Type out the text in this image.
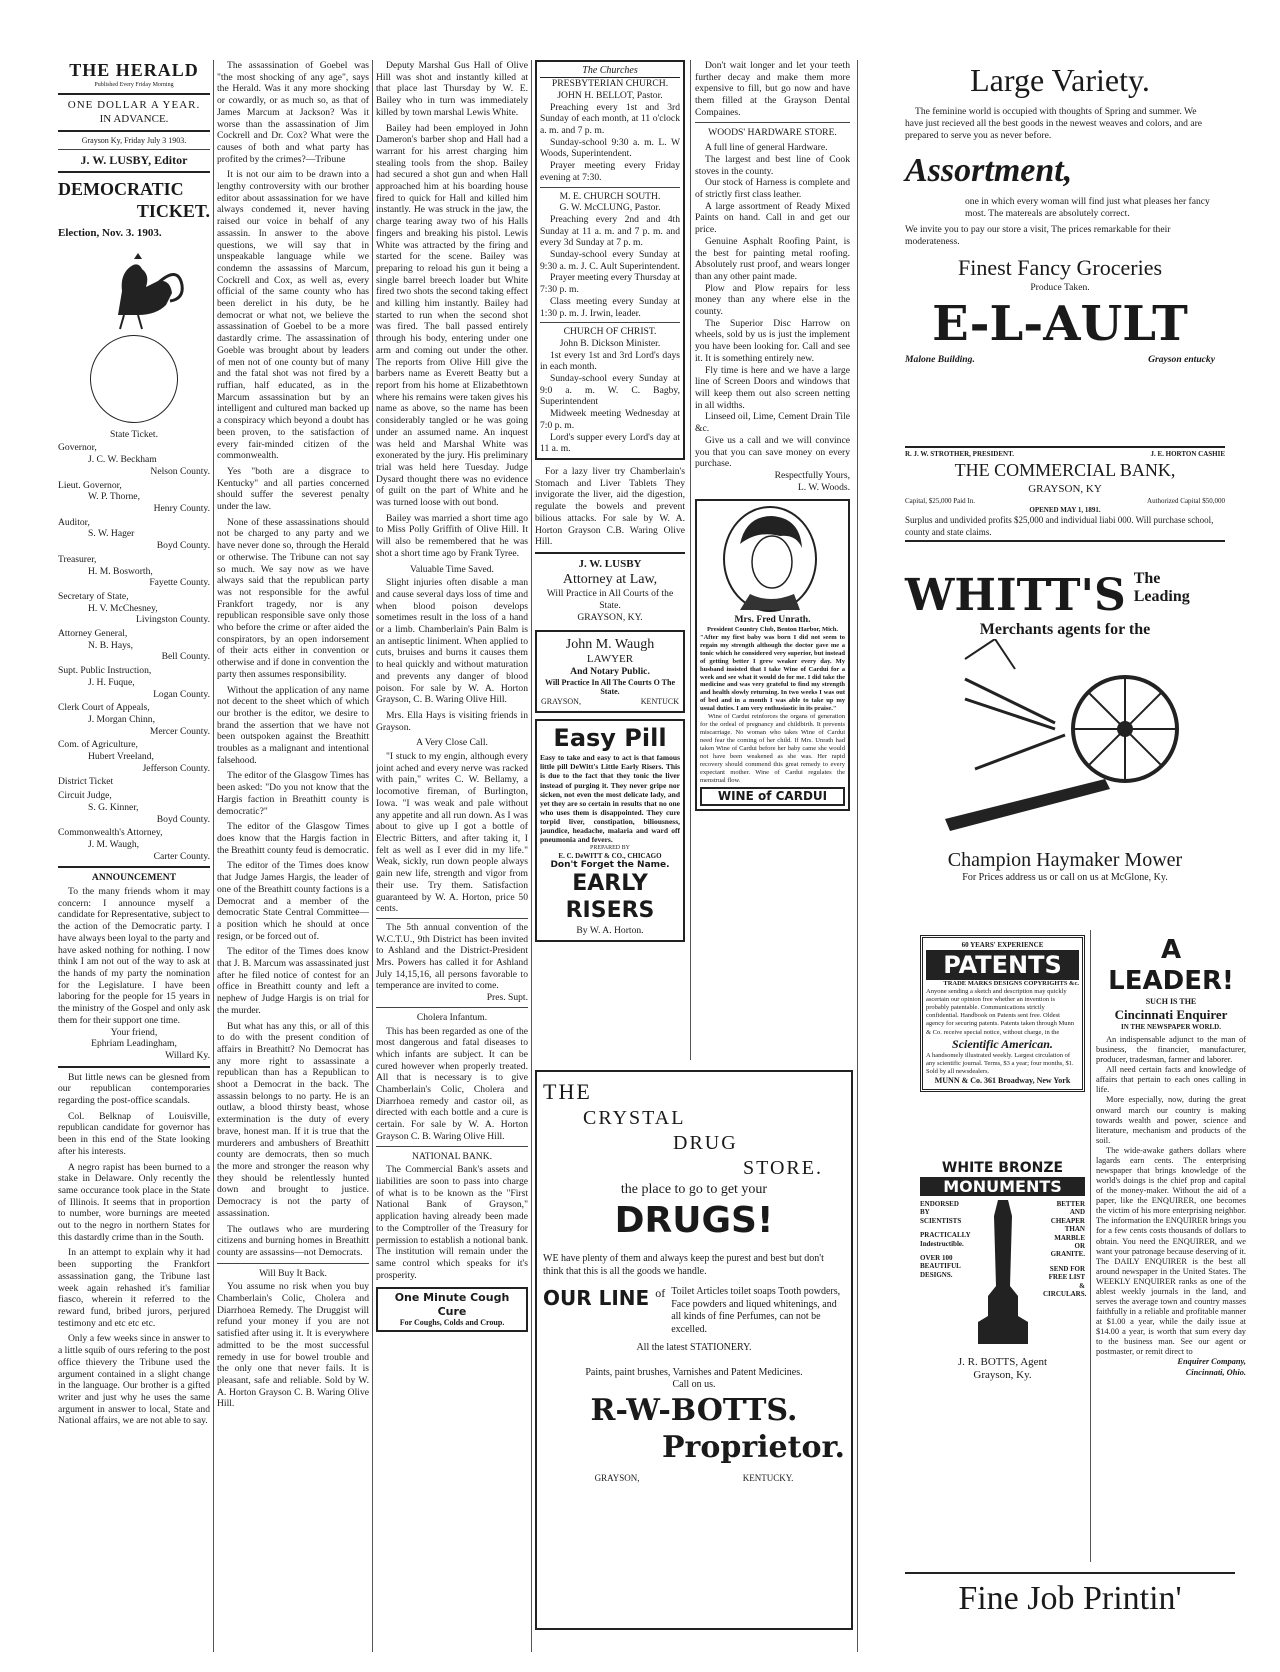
THE HERALD
Published Every Friday Morning
ONE DOLLAR A YEAR.
IN ADVANCE.
Grayson Ky, Friday July 3 1903.
J. W. LUSBY, Editor
DEMOCRATIC
TICKET.
Election, Nov. 3. 1903.
State Ticket.
Governor,
J. C. W. Beckham
Nelson County.
Lieut. Governor,
W. P. Thorne,
Henry County.
Auditor,
S. W. Hager
Boyd County.
Treasurer,
H. M. Bosworth,
Fayette County.
Secretary of State,
H. V. McChesney,
Livingston County.
Attorney General,
N. B. Hays,
Bell County.
Supt. Public Instruction,
J. H. Fuque,
Logan County.
Clerk Court of Appeals,
J. Morgan Chinn,
Mercer County.
Com. of Agriculture,
Hubert Vreeland,
Jefferson County.
District Ticket
Circuit Judge,
S. G. Kinner,
Boyd County.
Commonwealth's Attorney,
J. M. Waugh,
Carter County.
ANNOUNCEMENT

To the many friends whom it may concern: I announce myself a candidate for Representative, subject to the action of the Democratic party. I have always been loyal to the party and have asked nothing for nothing. I now think I am not out of the way to ask at the hands of my party the nomination for the Legislature. I have been laboring for the people for 15 years in the ministry of the Gospel and only ask them for their support one time.

Your friend,

Ephriam Leadingham,

Willard Ky.

But little news can be glesned from our republican contemporaries regarding the post-office scandals.

Col. Belknap of Louisville, republican candidate for governor has been in this end of the State looking after his interests.

A negro rapist has been burned to a stake in Delaware. Only recently the same occurance took place in the State of Illinois. It seems that in proportion to number, wore burnings are meeted out to the negro in northern States for this dastardly crime than in the South.

In an attempt to explain why it had been supporting the Frankfort assassination gang, the Tribune last week again rehashed it's familiar fiasco, wherein it referred to the reward fund, bribed jurors, perjured testimony and etc etc etc.

Only a few weeks since in answer to a little squib of ours refering to the post office thievery the Tribune used the argument contained in a slight change in the language. Our brother is a gifted writer and just why he uses the same argument in answer to local, State and National affairs, we are not able to say.

The assassination of Goebel was "the most shocking of any age", says the Herald. Was it any more shocking or cowardly, or as much so, as that of James Marcum at Jackson? Was it worse than the assassination of Jim Cockrell and Dr. Cox? What were the causes of both and what party has profited by the crimes?—Tribune

It is not our aim to be drawn into a lengthy controversity with our brother editor about assassination for we have always condemed it, never having raised our voice in behalf of any assassin. In answer to the above questions, we will say that in unspeakable language while we condemn the assassins of Marcum, Cockrell and Cox, as well as, every official of the same county who has been derelict in his duty, be he democrat or what not, we believe the assassination of Goebel to be a more dastardly crime. The assassination of Goeble was brought about by leaders of men not of one county but of many and the fatal shot was not fired by a ruffian, half educated, as in the Marcum assassination but by an intelligent and cultured man backed up a conspiracy which beyond a doubt has been proven, to the satisfaction of every fair-minded citizen of the commonwealth.

Yes "both are a disgrace to Kentucky" and all parties concerned should suffer the severest penalty under the law.

None of these assassinations should not be charged to any party and we have never done so, through the Herald or otherwise. The Tribune can not say so much. We say now as we have always said that the republican party was not responsible for the awful Frankfort tragedy, nor is any republican responsible save only those who before the crime or after aided the conspirators, by an open indorsement of their acts either in convention or otherwise and if done in convention the party then assumes responsibility.

Without the application of any name not decent to the sheet which of which our brother is the editor, we desire to brand the assertion that we have not been outspoken against the Breathitt troubles as a malignant and intentional falsehood.

The editor of the Glasgow Times has been asked: "Do you not know that the Hargis faction in Breathitt county is democratic?"

The editor of the Glasgow Times does know that the Hargis faction in the Breathitt county feud is democratic.

The editor of the Times does know that Judge James Hargis, the leader of one of the Breathitt county factions is a Democrat and a member of the democratic State Central Committee—a position which he should at once resign, or be forced out of.

The editor of the Times does know that J. B. Marcum was assassinated just after he filed notice of contest for an office in Breathitt county and left a nephew of Judge Hargis is on trial for the murder.

But what has any this, or all of this to do with the present condition of affairs in Breathitt? No Democrat has any more right to assassinate a republican than has a Republican to shoot a Democrat in the back. The assassin belongs to no party. He is an outlaw, a blood thirsty beast, whose extermination is the duty of every brave, honest man. If it is true that the murderers and ambushers of Breathitt county are democrats, then so much the more and stronger the reason why they should be relentlessly hunted down and brought to justice. Democracy is not the party of assassination.

The outlaws who are murdering citizens and burning homes in Breathitt county are assassins—not Democrats.

Will Buy It Back.

You assume no risk when you buy Chamberlain's Colic, Cholera and Diarrhoea Remedy. The Druggist will refund your money if you are not satisfied after using it. It is everywhere admitted to be the most successful remedy in use for bowel trouble and the only one that never fails. It is pleasant, safe and reliable. Sold by W. A. Horton Grayson C. B. Waring Olive Hill.

Deputy Marshal Gus Hall of Olive Hill was shot and instantly killed at that place last Thursday by W. E. Bailey who in turn was immediately killed by town marshal Lewis White.

Bailey had been employed in John Dameron's barber shop and Hall had a warrant for his arrest charging him stealing tools from the shop. Bailey had secured a shot gun and when Hall approached him at his boarding house fired to quick for Hall and killed him instantly. He was struck in the jaw, the charge tearing away two of his Halls fingers and breaking his pistol. Lewis White was attracted by the firing and started for the scene. Bailey was preparing to reload his gun it being a single barrel breech loader but White fired two shots the second taking effect and killing him instantly. Bailey had started to run when the second shot was fired. The ball passed entirely through his body, entering under one arm and coming out under the other. The reports from Olive Hill give the barbers name as Everett Beatty but a report from his home at Elizabethtown where his remains were taken gives his name as above, so the name has been considerably tangled or he was going under an assumed name. An inquest was held and Marshal White was exonerated by the jury. His preliminary trial was held here Tuesday. Judge Dysard thought there was no evidence of guilt on the part of White and he was turned loose with out bond.

Bailey was married a short time ago to Miss Polly Griffith of Olive Hill. It will also be remembered that he was shot a short time ago by Frank Tyree.

Valuable Time Saved.

Slight injuries often disable a man and cause several days loss of time and when blood poison develops sometimes result in the loss of a hand or a limb. Chamberlain's Pain Balm is an antiseptic liniment. When applied to cuts, bruises and burns it causes them to heal quickly and without maturation and prevents any danger of blood poison. For sale by W. A. Horton Grayson, C. B. Waring Olive Hill.

Mrs. Ella Hays is visiting friends in Grayson.

A Very Close Call.

"I stuck to my engin, although every joint ached and every nerve was racked with pain," writes C. W. Bellamy, a locomotive fireman, of Burlington, Iowa. "I was weak and pale without any appetite and all run down. As I was about to give up I got a bottle of Electric Bitters, and after taking it, I felt as well as I ever did in my life." Weak, sickly, run down people always gain new life, strength and vigor from their use. Try them. Satisfaction guaranteed by W. A. Horton, price 50 cents.

The 5th annual convention of the W.C.T.U., 9th District has been invited to Ashland and the District-President Mrs. Powers has called it for Ashland July 14,15,16, all persons favorable to temperance are invited to come.

Pres. Supt.

Cholera Infantum.

This has been regarded as one of the most dangerous and fatal diseases to which infants are subject. It can be cured however when properly treated. All that is necessary is to give Chamberlain's Colic, Cholera and Diarrhoea remedy and castor oil, as directed with each bottle and a cure is certain. For sale by W. A. Horton Grayson C. B. Waring Olive Hill.

NATIONAL BANK.

The Commercial Bank's assets and liabilities are soon to pass into charge of what is to be known as the "First National Bank of Grayson," application having already been made to the Comptroller of the Treasury for permission to establish a notional bank. The institution will remain under the same control which speaks for it's prosperity.

One Minute Cough Cure
For Coughs, Colds and Croup.
The Churches
PRESBYTERIAN CHURCH.

JOHN H. BELLOT, Pastor.

Preaching every 1st and 3rd Sunday of each month, at 11 o'clock a. m. and 7 p. m.

Sunday-school 9:30 a. m. L. W Woods, Superintendent.

Prayer meeting every Friday evening at 7:30.

M. E. CHURCH SOUTH.

G. W. McCLUNG, Pastor.

Preaching every 2nd and 4th Sunday at 11 a. m. and 7 p. m. and every 3d Sunday at 7 p. m.

Sunday-school every Sunday at 9:30 a. m. J. C. Ault Superintendent.

Prayer meeting every Thursday at 7:30 p. m.

Class meeting every Sunday at 1:30 p. m. J. Irwin, leader.

CHURCH OF CHRIST.

John B. Dickson Minister.

1st every 1st and 3rd Lord's days in each month.

Sunday-school every Sunday at 9:0 a. m. W. C. Bagby, Superintendent

Midweek meeting Wednesday at 7:0 p. m.

Lord's supper every Lord's day at 11 a. m.

For a lazy liver try Chamberlain's Stomach and Liver Tablets They invigorate the liver, aid the digestion, regulate the bowels and prevent bilious attacks. For sale by W. A. Horton Grayson C.B. Waring Olive Hill.

J. W. LUSBY
Attorney at Law,
Will Practice in All Courts of the State.
GRAYSON, KY.
John M. Waugh
LAWYER
And Notary Public.
Will Practice In All The Courts O The State.
GRAYSON,	KENTUCK
Easy Pill

Easy to take and easy to act is that famous little pill DeWitt's Little Early Risers. This is due to the fact that they tonic the liver instead of purging it. They never gripe nor sicken, not even the most delicate lady, and yet they are so certain in results that no one who uses them is disappointed. They cure torpid liver, constipation, biliousness, jaundice, headache, malaria and ward off pneumonia and fevers.

PREPARED BY
E. C. DeWITT & CO., CHICAGO
Don't Forget the Name.
EARLY RISERS
By W. A. Horton.

Don't wait longer and let your teeth further decay and make them more expensive to fill, but go now and have them filled at the Grayson Dental Compaines.

WOODS' HARDWARE STORE.

A full line of general Hardware.

The largest and best line of Cook stoves in the county.

Our stock of Harness is complete and of strictly first class leather.

A large assortment of Ready Mixed Paints on hand. Call in and get our price.

Genuine Asphalt Roofing Paint, is the best for painting metal roofing. Absolutely rust proof, and wears longer than any other paint made.

Plow and Plow repairs for less money than any where else in the county.

The Superior Disc Harrow on wheels, sold by us is just the implement you have been looking for. Call and see it. It is something entirely new.

Fly time is here and we have a large line of Screen Doors and windows that will keep them out also screen netting in all widths.

Linseed oil, Lime, Cement Drain Tile &c.

Give us a call and we will convince you that you can save money on every purchase.

Respectfully Yours,

L. W. Woods.

Mrs. Fred Unrath.
President Country Club, Benton Harbor, Mich.

"After my first baby was born I did not seem to regain my strength although the doctor gave me a tonic which he considered very superior, but instead of getting better I grew weaker every day. My husband insisted that I take Wine of Cardui for a week and see what it would do for me. I did take the medicine and was very grateful to find my strength and health slowly returning. In two weeks I was out of bed and in a month I was able to take up my usual duties. I am very enthusiastic in its praise."

Wine of Cardui reinforces the organs of generation for the ordeal of pregnancy and childbirth. It prevents miscarriage. No woman who takes Wine of Cardui need fear the coming of her child. If Mrs. Unrath had taken Wine of Cardui before her baby came she would not have been weakened as she was. Her rapid recovery should commend this great remedy to every expectant mother. Wine of Cardui regulates the menstrual flow.

WINE of CARDUI
THE
CRYSTAL
DRUG
STORE.
the place to go to get your
DRUGS!

WE have plenty of them and always keep the purest and best but don't think that this is all the goods we handle.

OUR LINE of Toilet Articles toilet soaps Tooth powders, Face powders and liqued whitenings, and all kinds of fine Perfumes, can not be excelled.

All the latest STATIONERY.

Paints, paint brushes, Varnishes and Patent Medicines.

Call on us.

R-W-BOTTS.
Proprietor.
GRAYSON,	KENTUCKY.
Large Variety.

The feminine world is occupied with thoughts of Spring and summer. We have just recieved all the best goods in the newest weaves and colors, and are prepared to serve you as never before.

Assortment,

one in which every woman will find just what pleases her fancy most. The matereals are absolutely correct.

We invite you to pay our store a visit, The prices remarkable for their moderateness.

Finest Fancy Groceries
Produce Taken.
E-L-AULT
Malone Building.	Grayson entucky
R. J. W. STROTHER, PRESIDENT.	J. E. HORTON CASHIE
THE COMMERCIAL BANK,
GRAYSON, KY
Capital, $25,000 Paid In.	Authorized Capital $50,000
OPENED MAY 1, 1891.

Surplus and undivided profits $25,000 and individual liabi 000. Will purchase school, county and state claims.

WHITT'S The
Leading
Merchants agents for the
Champion Haymaker Mower
For Prices address us or call on us at McGlone, Ky.
60 YEARS' EXPERIENCE
PATENTS
TRADE MARKS DESIGNS COPYRIGHTS &c.

Anyone sending a sketch and description may quickly ascertain our opinion free whether an invention is probably patentable. Communications strictly confidential. Handbook on Patents sent free. Oldest agency for securing patents. Patents taken through Munn & Co. receive special notice, without charge, in the

Scientific American.

A handsomely illustrated weekly. Largest circulation of any scientific journal. Terms, $3 a year; four months, $1. Sold by all newsdealers.

MUNN & Co. 361 Broadway, New York
WHITE BRONZE
MONUMENTS
ENDORSED BY SCIENTISTS
PRACTICALLY Indestructible.
OVER 100 BEAUTIFUL DESIGNS.
BETTER AND
CHEAPER THAN
MARBLE
OR GRANITE.
SEND FOR FREE LIST & CIRCULARS.
J. R. BOTTS, Agent
Grayson, Ky.
A LEADER!
SUCH IS THE
Cincinnati Enquirer
IN THE NEWSPAPER WORLD.

An indispensable adjunct to the man of business, the financier, manufacturer, producer, tradesman, farmer and laborer.

All need certain facts and knowledge of affairs that pertain to each ones calling in life.

More especially, now, during the great onward march our country is making towards wealth and power, science and literature, mechanism and products of the soil.

The wide-awake gathers dollars where lagards earn cents. The enterprising newspaper that brings knowledge of the world's doings is the chief prop and capital of the money-maker. Without the aid of a paper, like the ENQUIRER, one becomes the victim of his more enterprising neighbor. The information the ENQUIRER brings you for a few cents costs thousands of dollars to obtain. You need the ENQUIRER, and we want your patronage because deserving of it. The DAILY ENQUIRER is the best all around newspaper in the United States. The WEEKLY ENQUIRER ranks as one of the ablest weekly journals in the land, and serves the average town and country masses faithfully in a reliable and profitable manner at $1.00 a year, while the daily issue at $14.00 a year, is worth that sum every day to the business man. See our agent or postmaster, or remit direct to

Enquirer Company,
Cincinnati, Ohio.
Fine Job Printin'
